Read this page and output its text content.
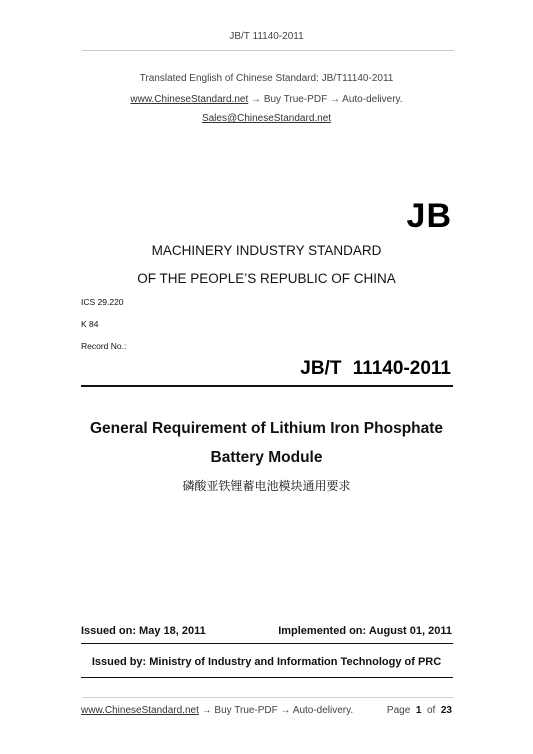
JB/T 11140-2011
Translated English of Chinese Standard: JB/T11140-2011
www.ChineseStandard.net → Buy True-PDF → Auto-delivery.
Sales@ChineseStandard.net
JB
MACHINERY INDUSTRY STANDARD
OF THE PEOPLE’S REPUBLIC OF CHINA
ICS 29.220
K 84
Record No.:
JB/T 11140-2011
General Requirement of Lithium Iron Phosphate
Battery Module
磷酸亚铁锂蓄电池模块通用要求
Issued on: May 18, 2011	Implemented on: August 01, 2011
Issued by: Ministry of Industry and Information Technology of PRC
www.ChineseStandard.net → Buy True-PDF → Auto-delivery.	Page 1 of 23
